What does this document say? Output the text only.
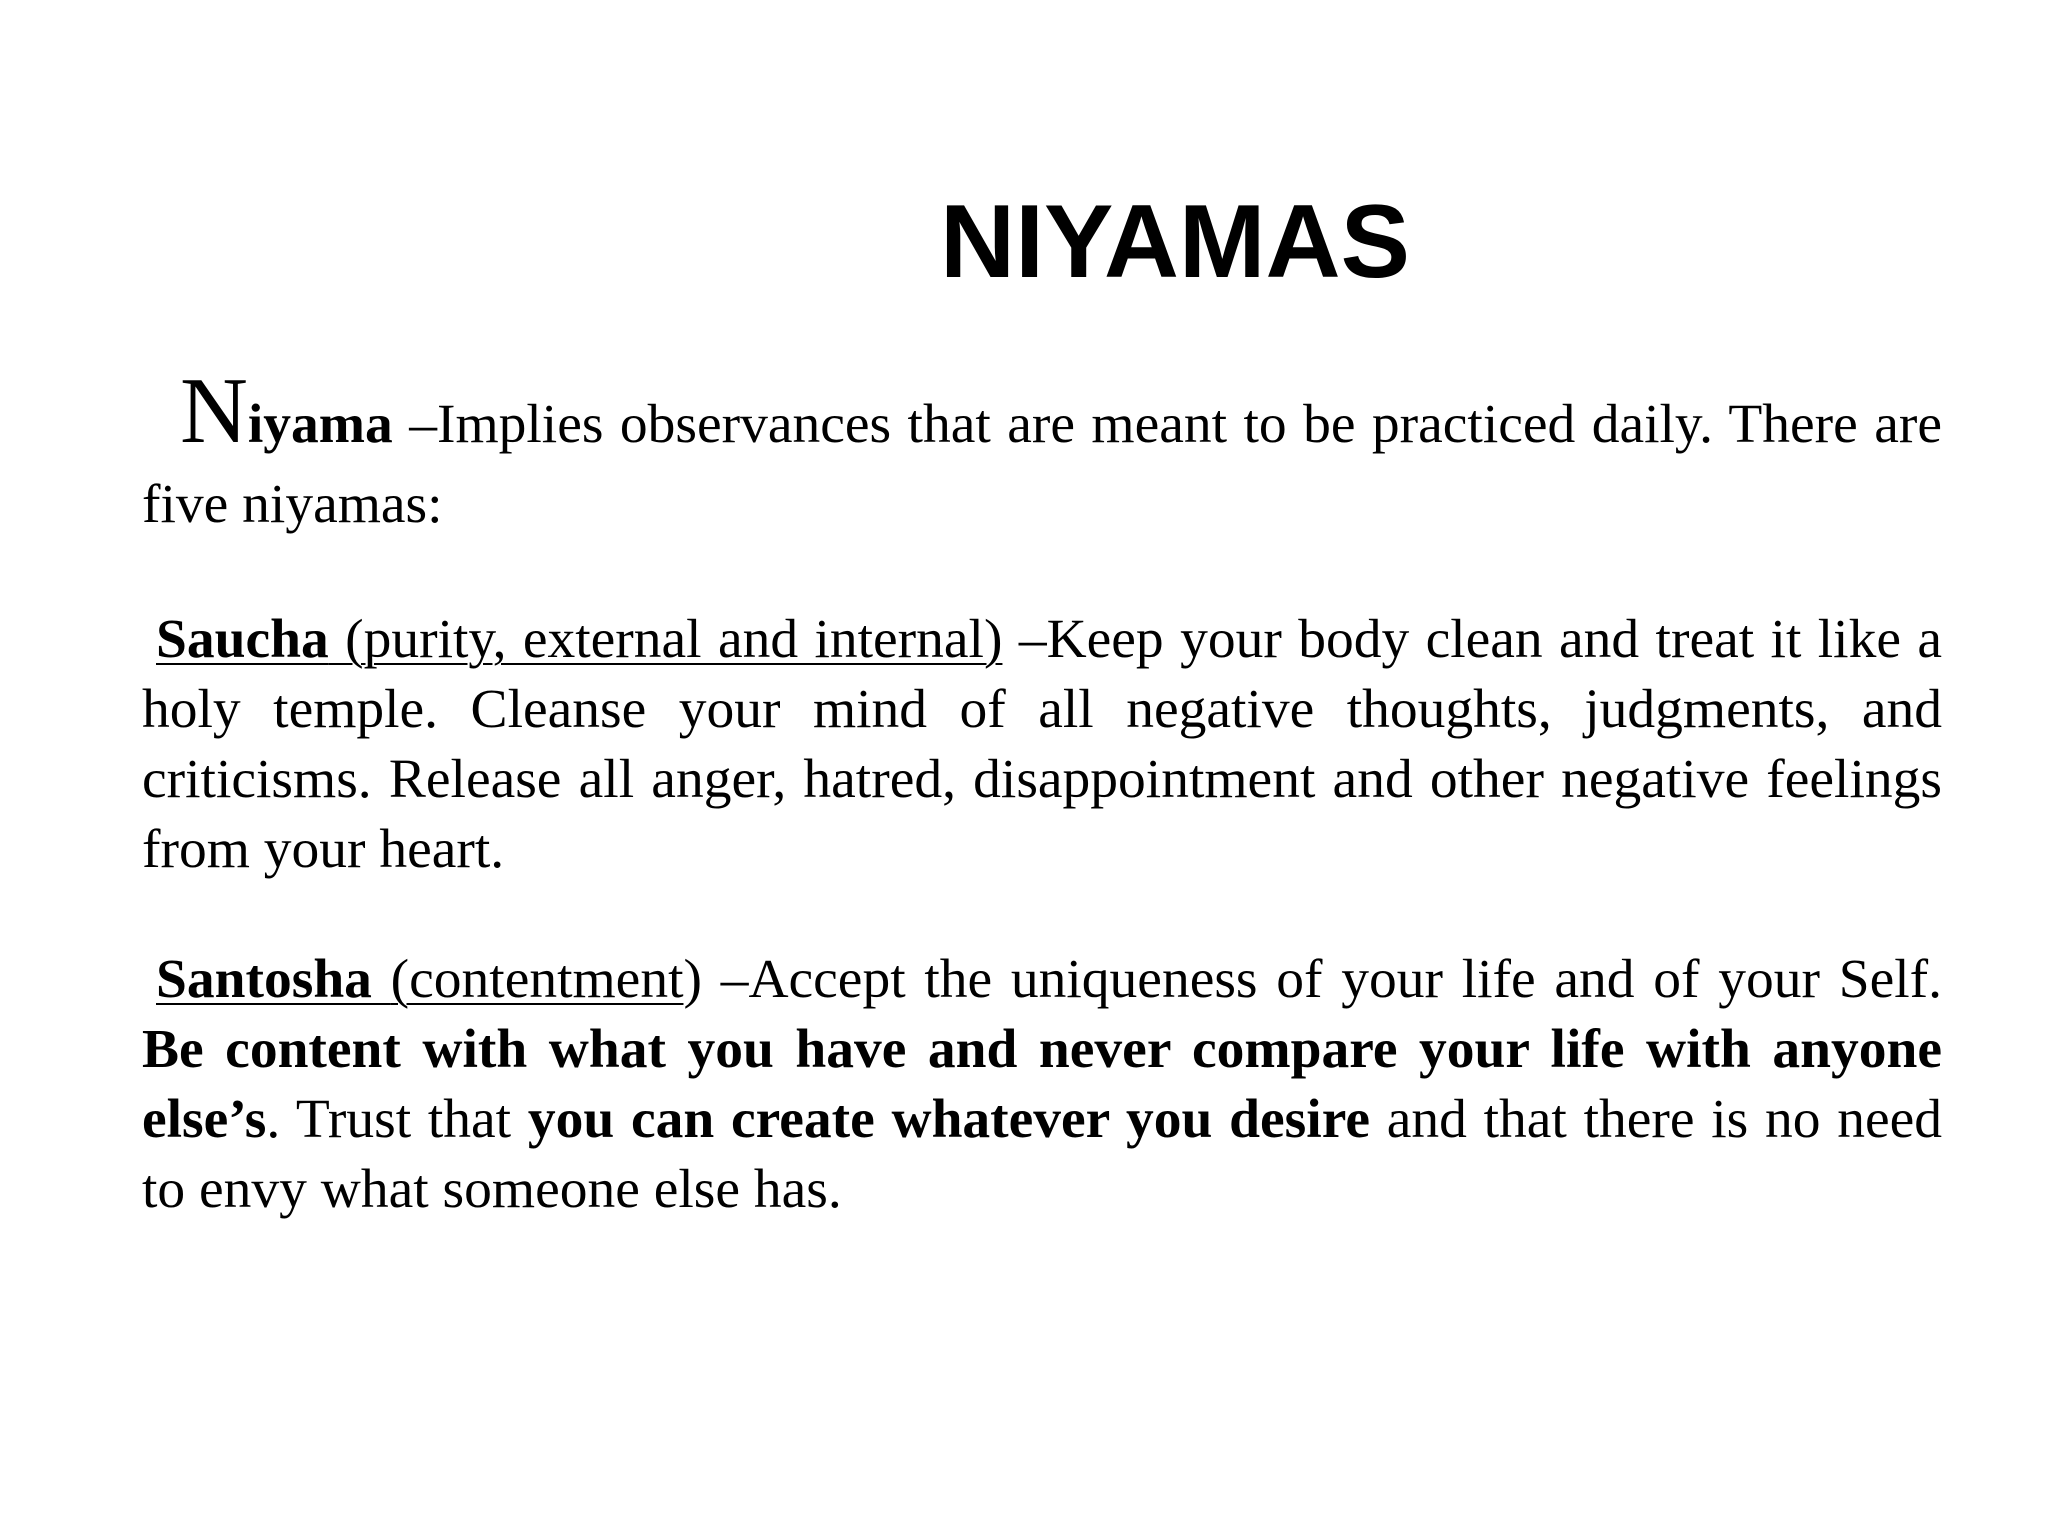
NIYAMAS

Niyama –Implies observances that are meant to be practiced daily. There are five niyamas:

Saucha (purity, external and internal) –Keep your body clean and treat it like a holy temple. Cleanse your mind of all negative thoughts, judgments, and criticisms. Release all anger, hatred, disappointment and other negative feelings from your heart.

Santosha (contentment) –Accept the uniqueness of your life and of your Self. Be content with what you have and never compare your life with anyone else’s. Trust that you can create whatever you desire and that there is no need to envy what someone else has.
